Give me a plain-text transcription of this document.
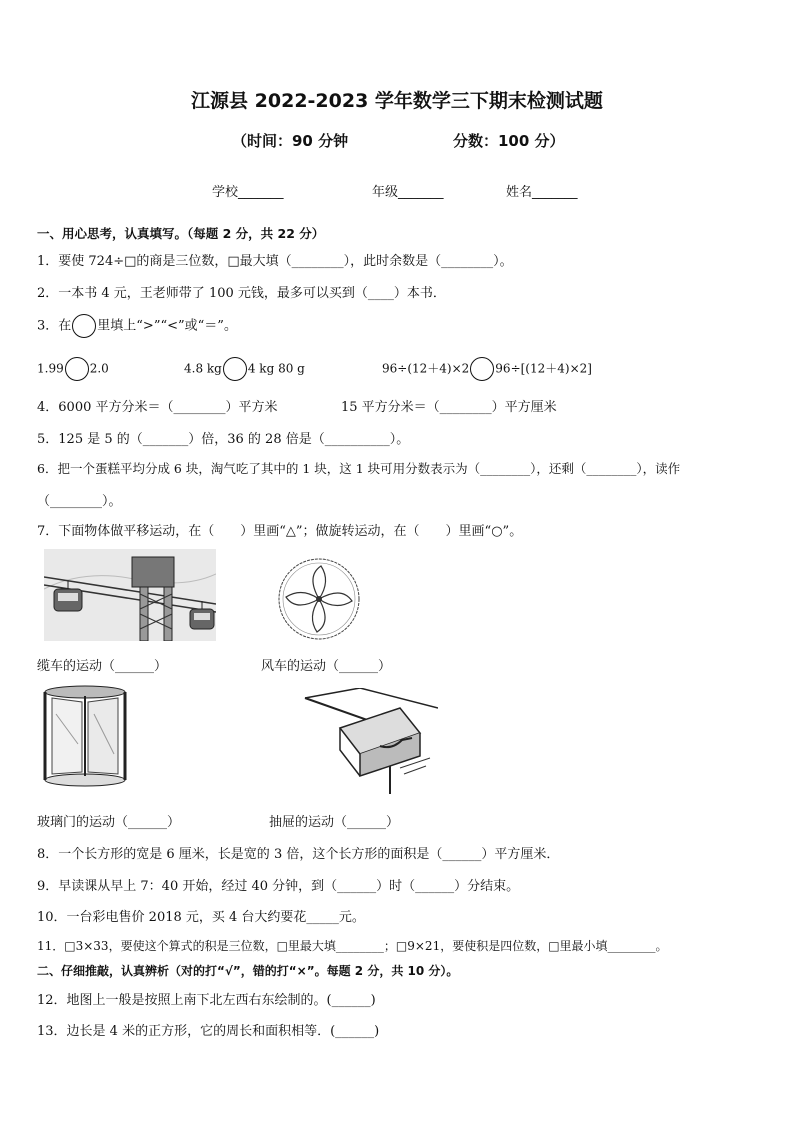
江源县 2022-2023 学年数学三下期末检测试题
（时间：90 分钟	分数：100 分）
学校_______	年级_______	姓名_______
一、用心思考，认真填写。（每题 2 分，共 22 分）
1．要使 724÷□的商是三位数，□最大填（________），此时余数是（________）。
2．一本书 4 元，王老师带了 100 元钱，最多可以买到（____）本书．
3．在 里填上“>”“<”或“＝”。
1.99 2.0	4.8 kg 4 kg 80 g	96÷(12＋4)×2 96÷[(12＋4)×2]
4．6000 平方分米＝（________）平方米	15 平方分米＝（________）平方厘米
5．125 是 5 的（_______）倍，36 的 28 倍是（__________）。
6．把一个蛋糕平均分成 6 块，淘气吃了其中的 1 块，这 1 块可用分数表示为（________），还剩（________），读作
（________）。
7．下面物体做平移运动，在（　　）里画“△”；做旋转运动，在（　　）里画“○”。
缆车的运动（______）	风车的运动（______）
玻璃门的运动（______）	抽屉的运动（______）
8．一个长方形的宽是 6 厘米，长是宽的 3 倍，这个长方形的面积是（______）平方厘米．
9．早读课从早上 7：40 开始，经过 40 分钟，到（______）时（______）分结束。
10．一台彩电售价 2018 元，买 4 台大约要花_____元。
11．□3×33，要使这个算式的积是三位数，□里最大填________；□9×21，要使积是四位数，□里最小填________。
二、仔细推敲，认真辨析（对的打“√”，错的打“×”。每题 2 分，共 10 分）。
12．地图上一般是按照上南下北左西右东绘制的。(______)
13．边长是 4 米的正方形，它的周长和面积相等．(______)
